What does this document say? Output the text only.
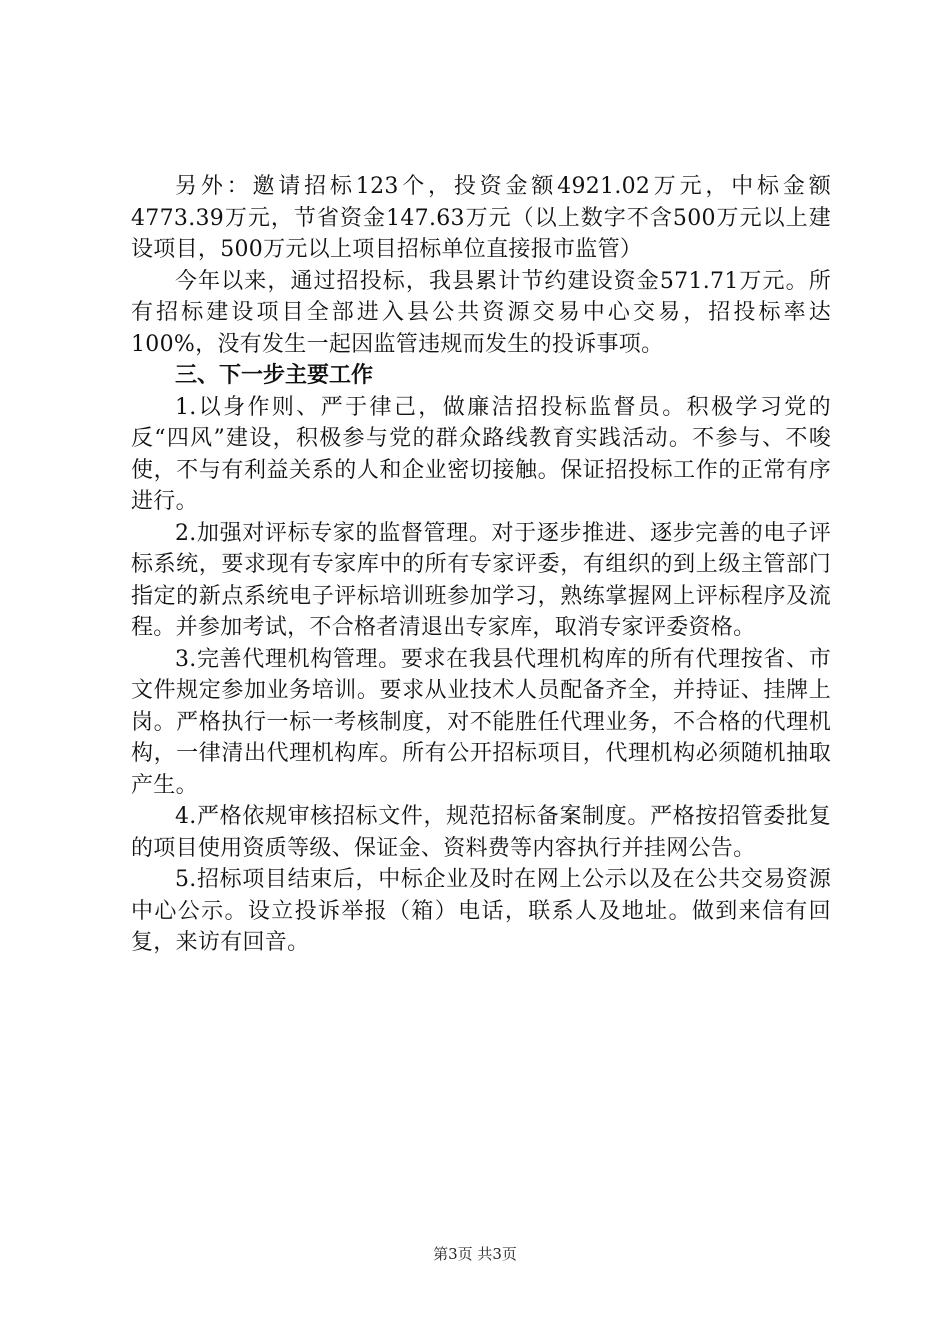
另外：邀请招标123个，投资金额4921.02万元，中标金额4773.39万元，节省资金147.63万元（以上数字不含500万元以上建设项目，500万元以上项目招标单位直接报市监管）

今年以来，通过招投标，我县累计节约建设资金571.71万元。所有招标建设项目全部进入县公共资源交易中心交易，招投标率达100%，没有发生一起因监管违规而发生的投诉事项。

三、下一步主要工作

1.以身作则、严于律己，做廉洁招投标监督员。积极学习党的反“四风”建设，积极参与党的群众路线教育实践活动。不参与、不唆使，不与有利益关系的人和企业密切接触。保证招投标工作的正常有序进行。

2.加强对评标专家的监督管理。对于逐步推进、逐步完善的电子评标系统，要求现有专家库中的所有专家评委，有组织的到上级主管部门指定的新点系统电子评标培训班参加学习，熟练掌握网上评标程序及流程。并参加考试，不合格者清退出专家库，取消专家评委资格。

3.完善代理机构管理。要求在我县代理机构库的所有代理按省、市文件规定参加业务培训。要求从业技术人员配备齐全，并持证、挂牌上岗。严格执行一标一考核制度，对不能胜任代理业务，不合格的代理机构，一律清出代理机构库。所有公开招标项目，代理机构必须随机抽取产生。

4.严格依规审核招标文件，规范招标备案制度。严格按招管委批复的项目使用资质等级、保证金、资料费等内容执行并挂网公告。

5.招标项目结束后，中标企业及时在网上公示以及在公共交易资源中心公示。设立投诉举报（箱）电话，联系人及地址。做到来信有回复，来访有回音。

第3页 共3页
